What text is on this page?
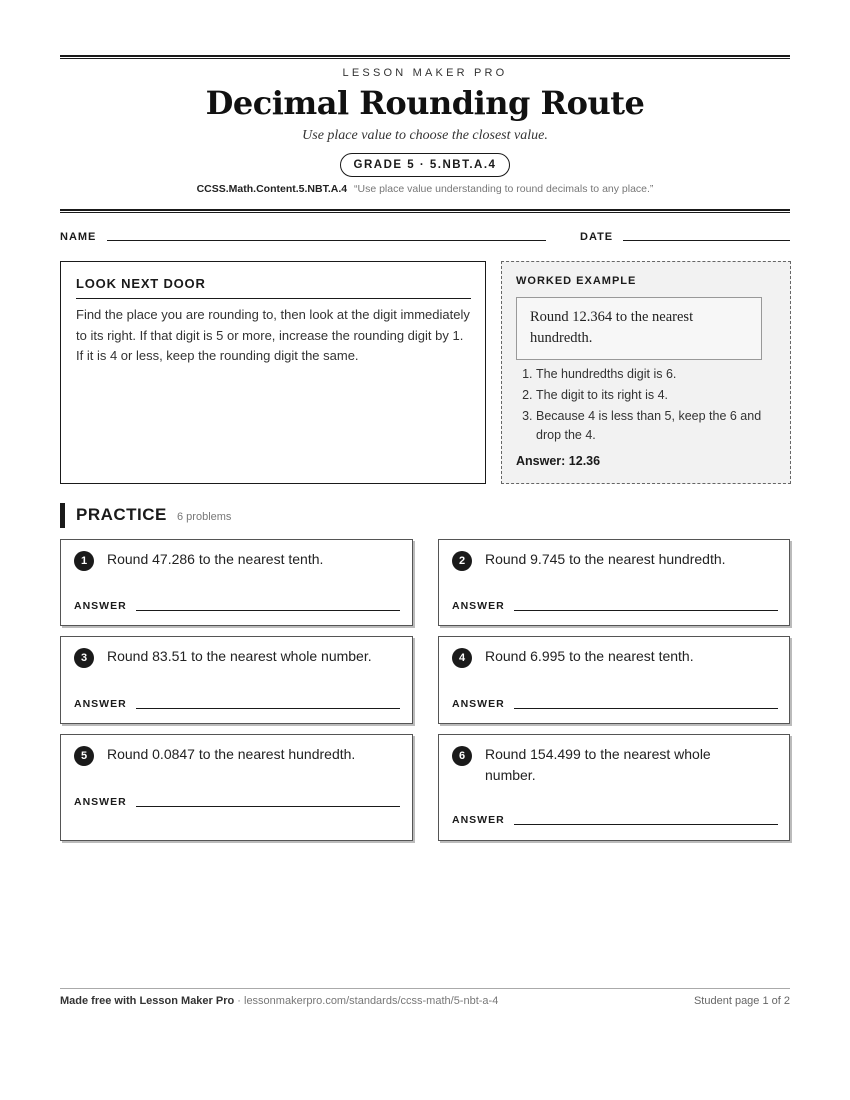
LESSON MAKER PRO
Decimal Rounding Route
Use place value to choose the closest value.
GRADE 5 · 5.NBT.A.4
CCSS.Math.Content.5.NBT.A.4 “Use place value understanding to round decimals to any place.”
NAME	DATE
LOOK NEXT DOOR
Find the place you are rounding to, then look at the digit immediately to its right. If that digit is 5 or more, increase the rounding digit by 1. If it is 4 or less, keep the rounding digit the same.
WORKED EXAMPLE
Round 12.364 to the nearest hundredth.
1. The hundredths digit is 6.
2. The digit to its right is 4.
3. Because 4 is less than 5, keep the 6 and drop the 4.
Answer: 12.36
PRACTICE 6 problems
1	Round 47.286 to the nearest tenth.
ANSWER
2	Round 9.745 to the nearest hundredth.
ANSWER
3	Round 83.51 to the nearest whole number.
ANSWER
4	Round 6.995 to the nearest tenth.
ANSWER
5	Round 0.0847 to the nearest hundredth.
ANSWER
6	Round 154.499 to the nearest whole number.
ANSWER
Made free with Lesson Maker Pro · lessonmakerpro.com/standards/ccss-math/5-nbt-a-4	Student page 1 of 2
